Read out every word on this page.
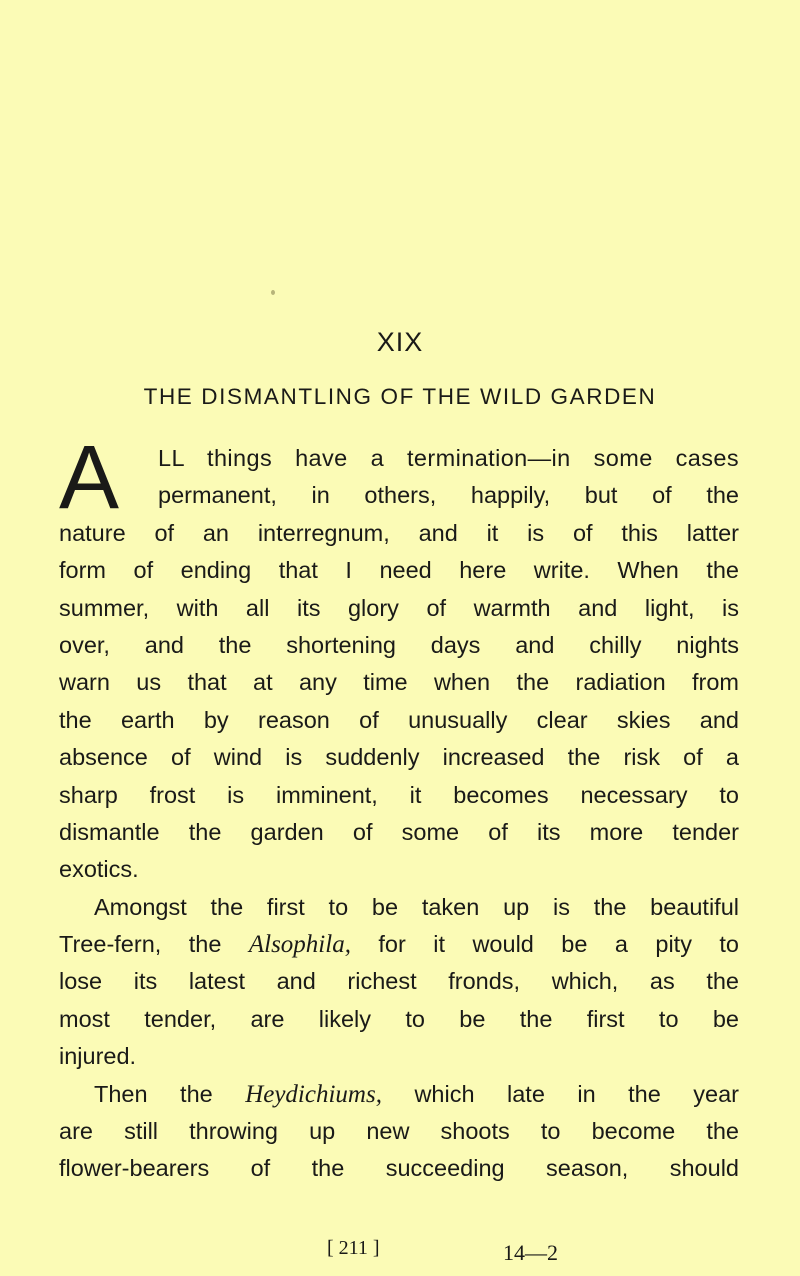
XIX
THE DISMANTLING OF THE WILD GARDEN
A	LL things have a termination—in some cases
permanent, in others, happily, but of the
nature of an interregnum, and it is of this latter
form of ending that I need here write. When the
summer, with all its glory of warmth and light, is
over, and the shortening days and chilly nights
warn us that at any time when the radiation from
the earth by reason of unusually clear skies and
absence of wind is suddenly increased the risk of a
sharp frost is imminent, it becomes necessary to
dismantle the garden of some of its more tender
exotics.
Amongst the first to be taken up is the beautiful
Tree-fern, the Alsophila, for it would be a pity to
lose its latest and richest fronds, which, as the
most tender, are likely to be the first to be
injured.
Then the Heydichiums, which late in the year
are still throwing up new shoots to become the
flower-bearers of the succeeding season, should
[ 211 ]	14—2
